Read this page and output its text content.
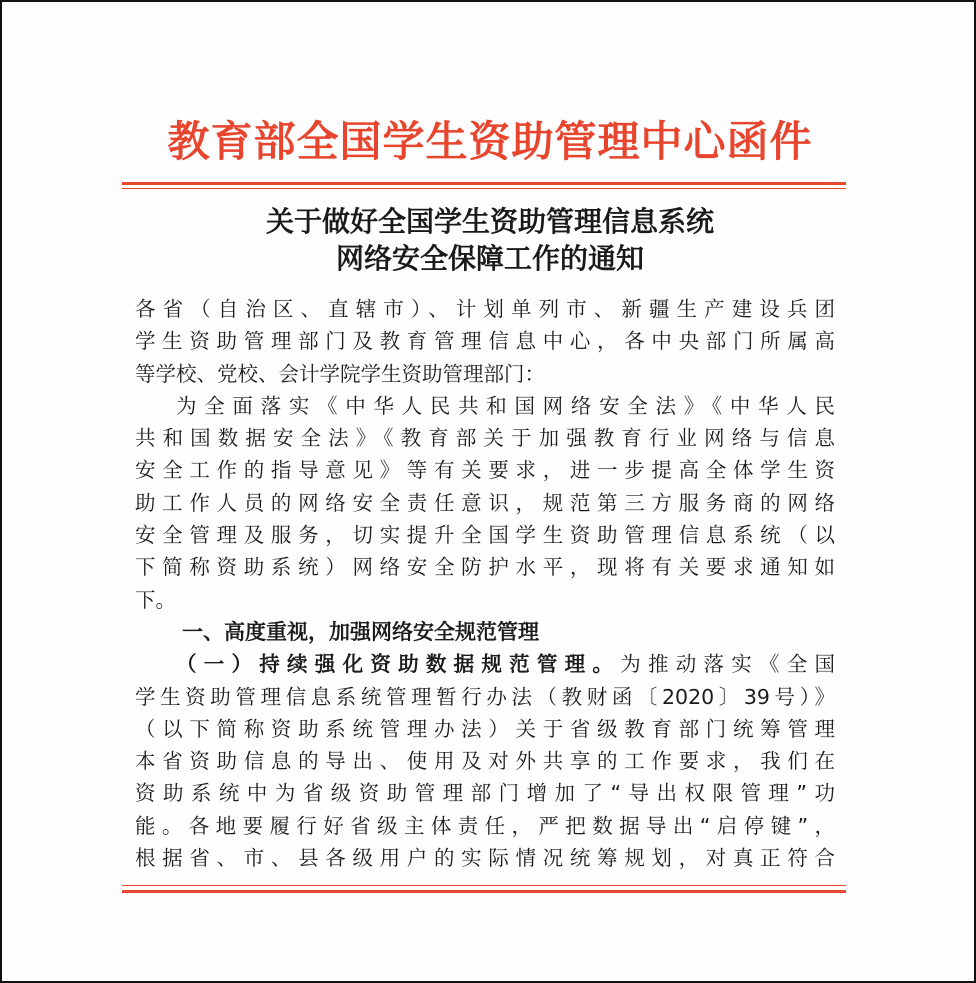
教育部全国学生资助管理中心函件
关于做好全国学生资助管理信息系统
网络安全保障工作的通知
各省（自治区、直辖市）、计划单列市、新疆生产建设兵团
学生资助管理部门及教育管理信息中心，各中央部门所属高
等学校、党校、会计学院学生资助管理部门：
为全面落实《中华人民共和国网络安全法》《中华人民
共和国数据安全法》《教育部关于加强教育行业网络与信息
安全工作的指导意见》等有关要求，进一步提高全体学生资
助工作人员的网络安全责任意识，规范第三方服务商的网络
安全管理及服务，切实提升全国学生资助管理信息系统（以
下简称资助系统）网络安全防护水平，现将有关要求通知如
下。
一、高度重视，加强网络安全规范管理
（一）持续强化资助数据规范管理。为推动落实《全国
学生资助管理信息系统管理暂行办法（教财函〔2020〕39号）》
（以下简称资助系统管理办法）关于省级教育部门统筹管理
本省资助信息的导出、使用及对外共享的工作要求，我们在
资助系统中为省级资助管理部门增加了“导出权限管理”功
能。各地要履行好省级主体责任，严把数据导出“启停键”，
根据省、市、县各级用户的实际情况统筹规划，对真正符合
